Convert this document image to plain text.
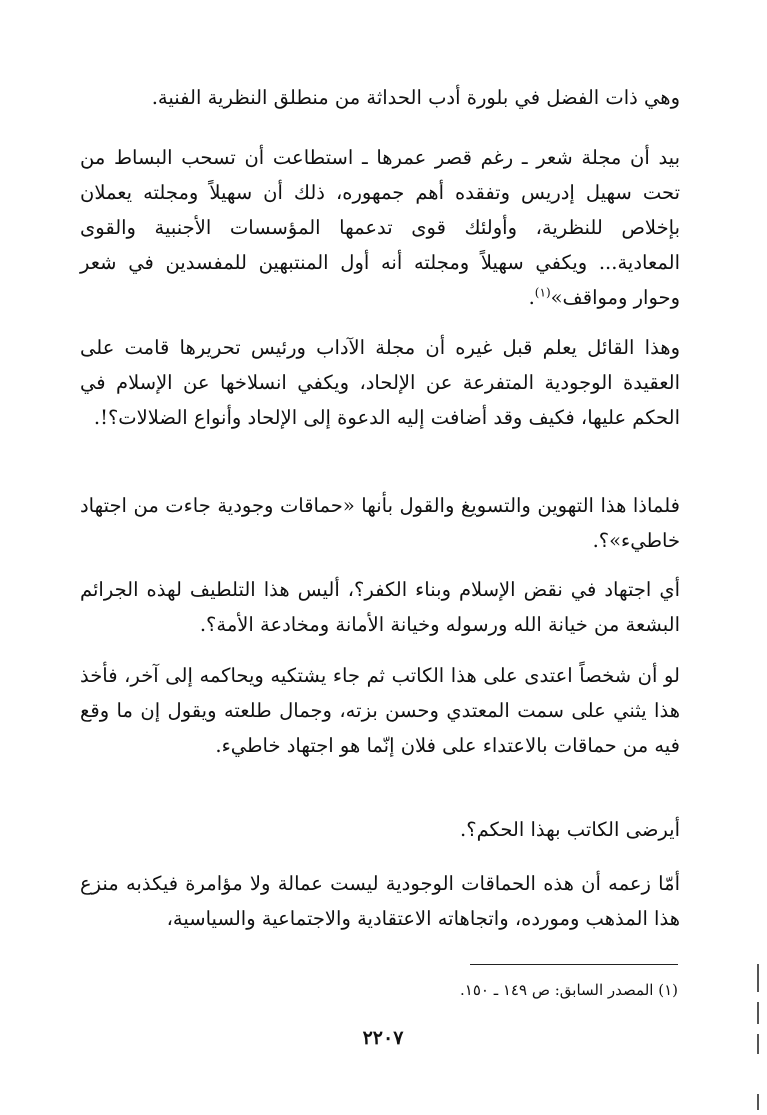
وهي ذات الفضل في بلورة أدب الحداثة من منطلق النظرية الفنية.

بيد أن مجلة شعر ـ رغم قصر عمرها ـ استطاعت أن تسحب البساط من تحت سهيل إدريس وتفقده أهم جمهوره، ذلك أن سهيلاً ومجلته يعملان بإخلاص للنظرية، وأولئك قوى تدعمها المؤسسات الأجنبية والقوى المعادية... ويكفي سهيلاً ومجلته أنه أول المنتبهين للمفسدين في شعر وحوار ومواقف»$^{(١)}$.

وهذا القائل يعلم قبل غيره أن مجلة الآداب ورئيس تحريرها قامت على العقيدة الوجودية المتفرعة عن الإلحاد، ويكفي انسلاخها عن الإسلام في الحكم عليها، فكيف وقد أضافت إليه الدعوة إلى الإلحاد وأنواع الضلالات؟!.

فلماذا هذا التهوين والتسويغ والقول بأنها «حماقات وجودية جاءت من اجتهاد خاطيء»؟.

أي اجتهاد في نقض الإسلام وبناء الكفر؟، أليس هذا التلطيف لهذه الجرائم البشعة من خيانة الله ورسوله وخيانة الأمانة ومخادعة الأمة؟.

لو أن شخصاً اعتدى على هذا الكاتب ثم جاء يشتكيه ويحاكمه إلى آخر، فأخذ هذا يثني على سمت المعتدي وحسن بزته، وجمال طلعته ويقول إن ما وقع فيه من حماقات بالاعتداء على فلان إنّما هو اجتهاد خاطيء.

أيرضى الكاتب بهذا الحكم؟.

أمّا زعمه أن هذه الحماقات الوجودية ليست عمالة ولا مؤامرة فيكذبه منزع هذا المذهب ومورده، واتجاهاته الاعتقادية والاجتماعية والسياسية،

(١) المصدر السابق: ص ١٤٩ ـ ١٥٠.
٢٢٠٧
